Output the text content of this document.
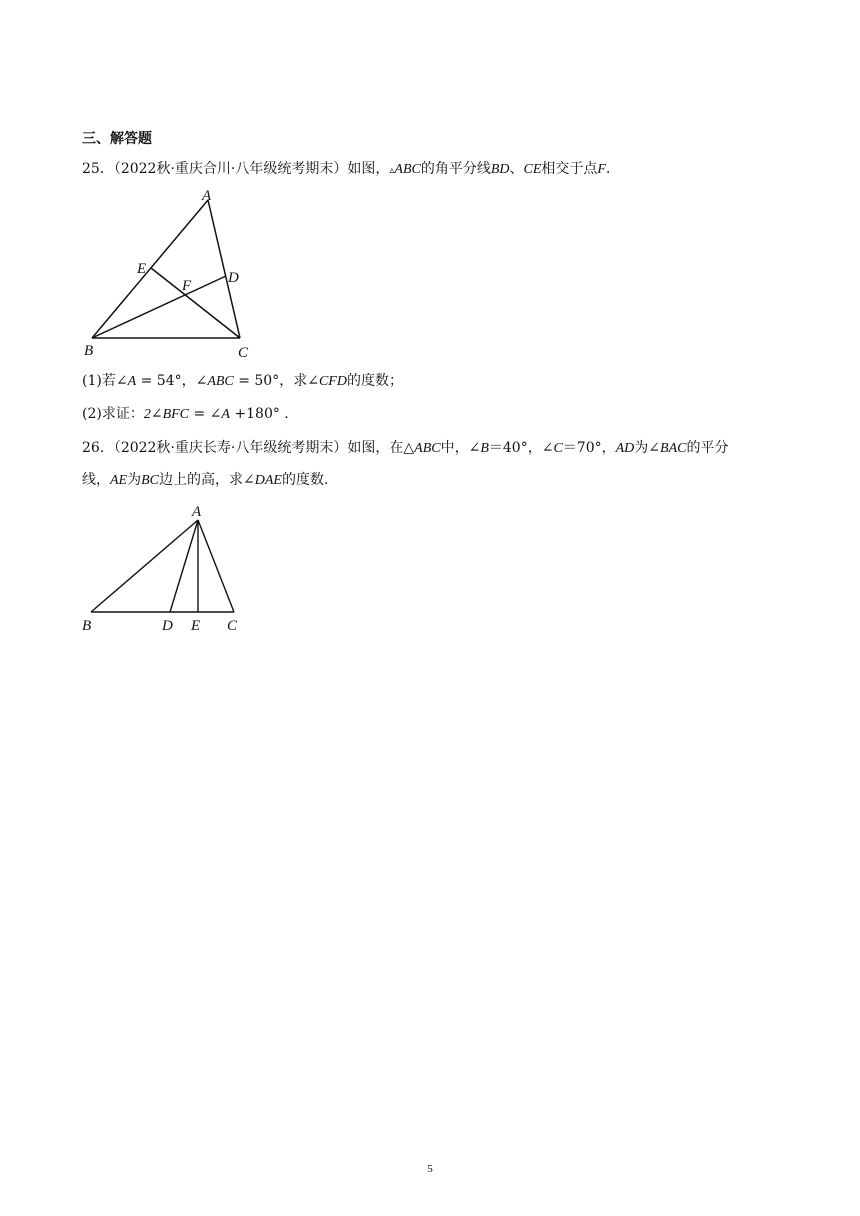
三、解答题
25．（2022秋·重庆合川·八年级统考期末）如图，▵ABC的角平分线BD、CE相交于点F．
A
B	C
D
E
F
(1)若∠A = 54°，∠ABC = 50°，求∠CFD的度数；
(2)求证：2∠BFC = ∠A +180° .
26．（2022秋·重庆长寿·八年级统考期末）如图，在△ABC中，∠B＝40°，∠C＝70°，AD为∠BAC的平分
线，AE为BC边上的高，求∠DAE的度数.
A
B	D E C
5
